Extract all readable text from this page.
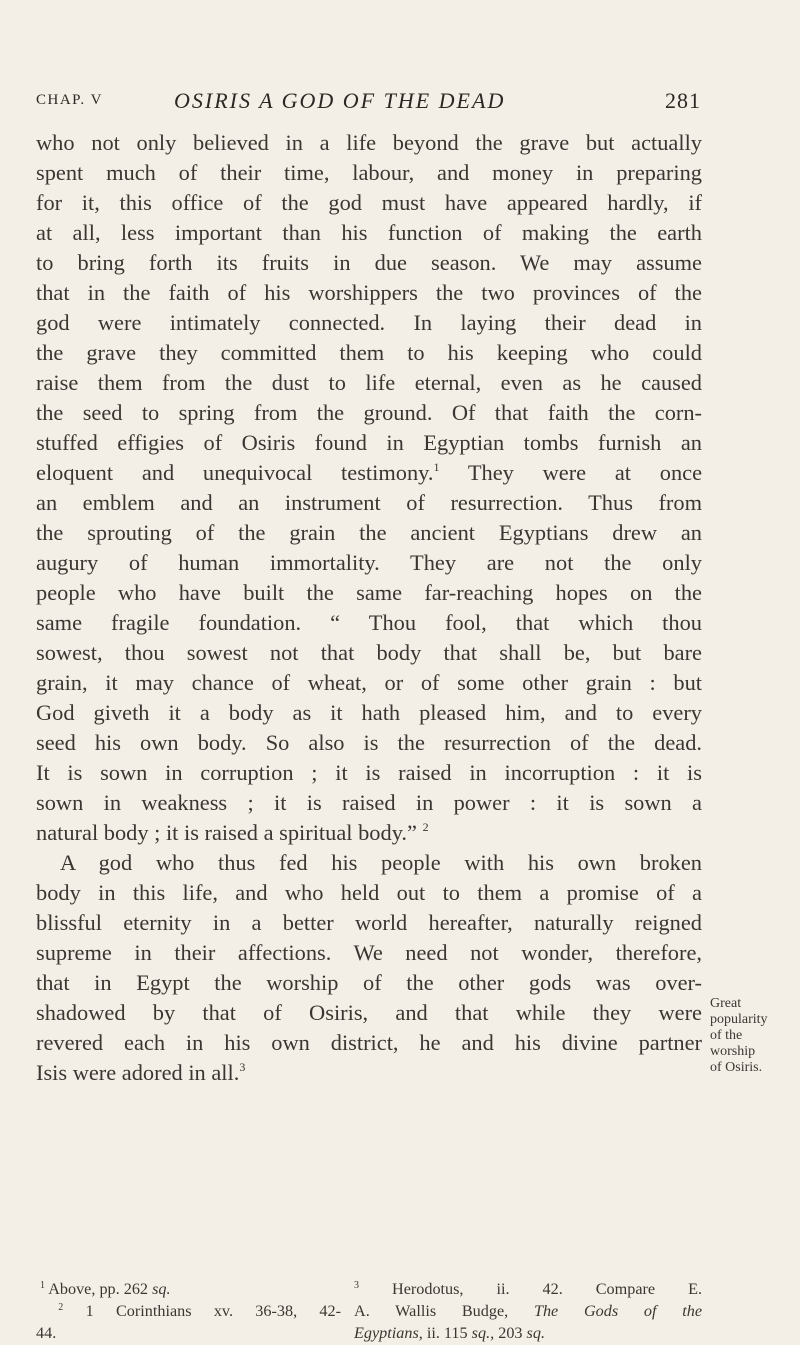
CHAP. V	OSIRIS A GOD OF THE DEAD	281
who not only believed in a life beyond the grave but actually
spent much of their time, labour, and money in preparing
for it, this office of the god must have appeared hardly, if
at all, less important than his function of making the earth
to bring forth its fruits in due season. We may assume
that in the faith of his worshippers the two provinces of the
god were intimately connected. In laying their dead in
the grave they committed them to his keeping who could
raise them from the dust to life eternal, even as he caused
the seed to spring from the ground. Of that faith the corn-
stuffed effigies of Osiris found in Egyptian tombs furnish an
eloquent and unequivocal testimony.$^1$ They were at once
an emblem and an instrument of resurrection. Thus from
the sprouting of the grain the ancient Egyptians drew an
augury of human immortality. They are not the only
people who have built the same far-reaching hopes on the
same fragile foundation. “ Thou fool, that which thou
sowest, thou sowest not that body that shall be, but bare
grain, it may chance of wheat, or of some other grain : but
God giveth it a body as it hath pleased him, and to every
seed his own body. So also is the resurrection of the dead.
It is sown in corruption ; it is raised in incorruption : it is
sown in weakness ; it is raised in power : it is sown a
natural body ; it is raised a spiritual body.” $^2$
A god who thus fed his people with his own broken
body in this life, and who held out to them a promise of a
blissful eternity in a better world hereafter, naturally reigned
supreme in their affections. We need not wonder, therefore,
that in Egypt the worship of the other gods was over-
shadowed by that of Osiris, and that while they were
revered each in his own district, he and his divine partner
Isis were adored in all.$^3$
Great
popularity
of the
worship
of Osiris.
$^1$ Above, pp. 262 sq.
$^2$ 1 Corinthians xv. 36-38, 42-
44.
$^3$ Herodotus, ii. 42. Compare E.
A. Wallis Budge, The Gods of the
Egyptians, ii. 115 sq., 203 sq.
